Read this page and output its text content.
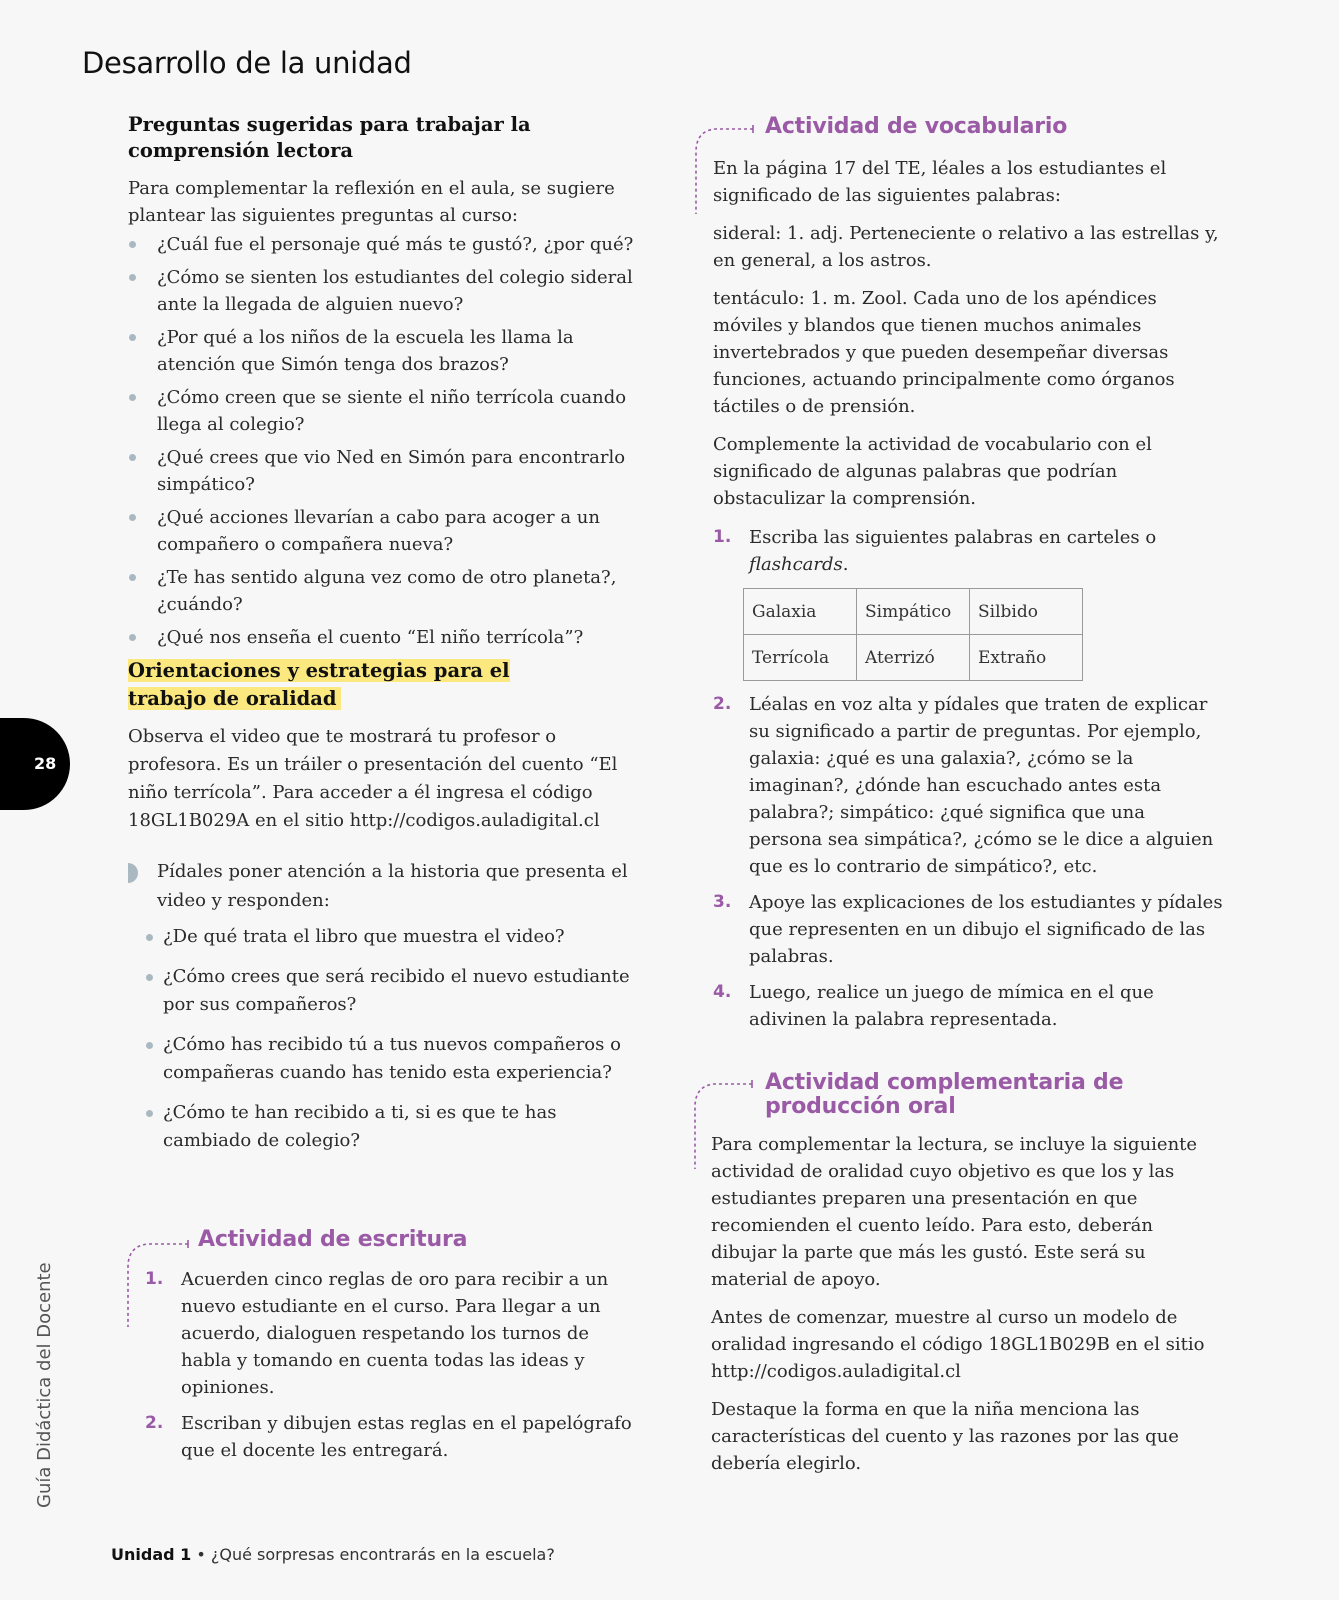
Desarrollo de la unidad

Preguntas sugeridas para trabajar la comprensión lectora

Para complementar la reflexión en el aula, se sugiere plantear las siguientes preguntas al curso:

¿Cuál fue el personaje qué más te gustó?, ¿por qué?
¿Cómo se sienten los estudiantes del colegio sideral ante la llegada de alguien nuevo?
¿Por qué a los niños de la escuela les llama la atención que Simón tenga dos brazos?
¿Cómo creen que se siente el niño terrícola cuando llega al colegio?
¿Qué crees que vio Ned en Simón para encontrarlo simpático?
¿Qué acciones llevarían a cabo para acoger a un compañero o compañera nueva?
¿Te has sentido alguna vez como de otro planeta?, ¿cuándo?
¿Qué nos enseña el cuento “El niño terrícola”?
Orientaciones y estrategias para el trabajo de oralidad

Observa el video que te mostrará tu profesor o profesora. Es un tráiler o presentación del cuento “El niño terrícola”. Para acceder a él ingresa el código 18GL1B029A en el sitio http://codigos.auladigital.cl

Pídales poner atención a la historia que presenta el video y responden:

¿De qué trata el libro que muestra el video?
¿Cómo crees que será recibido el nuevo estudiante por sus compañeros?
¿Cómo has recibido tú a tus nuevos compañeros o compañeras cuando has tenido esta experiencia?
¿Cómo te han recibido a ti, si es que te has cambiado de colegio?

Actividad de escritura

1. Acuerden cinco reglas de oro para recibir a un nuevo estudiante en el curso. Para llegar a un acuerdo, dialoguen respetando los turnos de habla y tomando en cuenta todas las ideas y opiniones.
2. Escriban y dibujen estas reglas en el papelógrafo que el docente les entregará.

Actividad de vocabulario

En la página 17 del TE, léales a los estudiantes el significado de las siguientes palabras:

sideral: 1. adj. Perteneciente o relativo a las estrellas y, en general, a los astros.

tentáculo: 1. m. Zool. Cada uno de los apéndices móviles y blandos que tienen muchos animales invertebrados y que pueden desempeñar diversas funciones, actuando principalmente como órganos táctiles o de prensión.

Complemente la actividad de vocabulario con el significado de algunas palabras que podrían obstaculizar la comprensión.

1. Escriba las siguientes palabras en carteles o flashcards.
Galaxia	Simpático	Silbido
Terrícola	Aterrizó	Extraño
2. Léalas en voz alta y pídales que traten de explicar su significado a partir de preguntas. Por ejemplo, galaxia: ¿qué es una galaxia?, ¿cómo se la imaginan?, ¿dónde han escuchado antes esta palabra?; simpático: ¿qué significa que una persona sea simpática?, ¿cómo se le dice a alguien que es lo contrario de simpático?, etc.
3. Apoye las explicaciones de los estudiantes y pídales que representen en un dibujo el significado de las palabras.
4. Luego, realice un juego de mímica en el que adivinen la palabra representada.

Actividad complementaria de

producción oral

Para complementar la lectura, se incluye la siguiente actividad de oralidad cuyo objetivo es que los y las estudiantes preparen una presentación en que recomienden el cuento leído. Para esto, deberán dibujar la parte que más les gustó. Este será su material de apoyo.

Antes de comenzar, muestre al curso un modelo de oralidad ingresando el código 18GL1B029B en el sitio http://codigos.auladigital.cl

Destaque la forma en que la niña menciona las características del cuento y las razones por las que debería elegirlo.

28
Guía Didáctica del Docente
Unidad 1 • ¿Qué sorpresas encontrarás en la escuela?
